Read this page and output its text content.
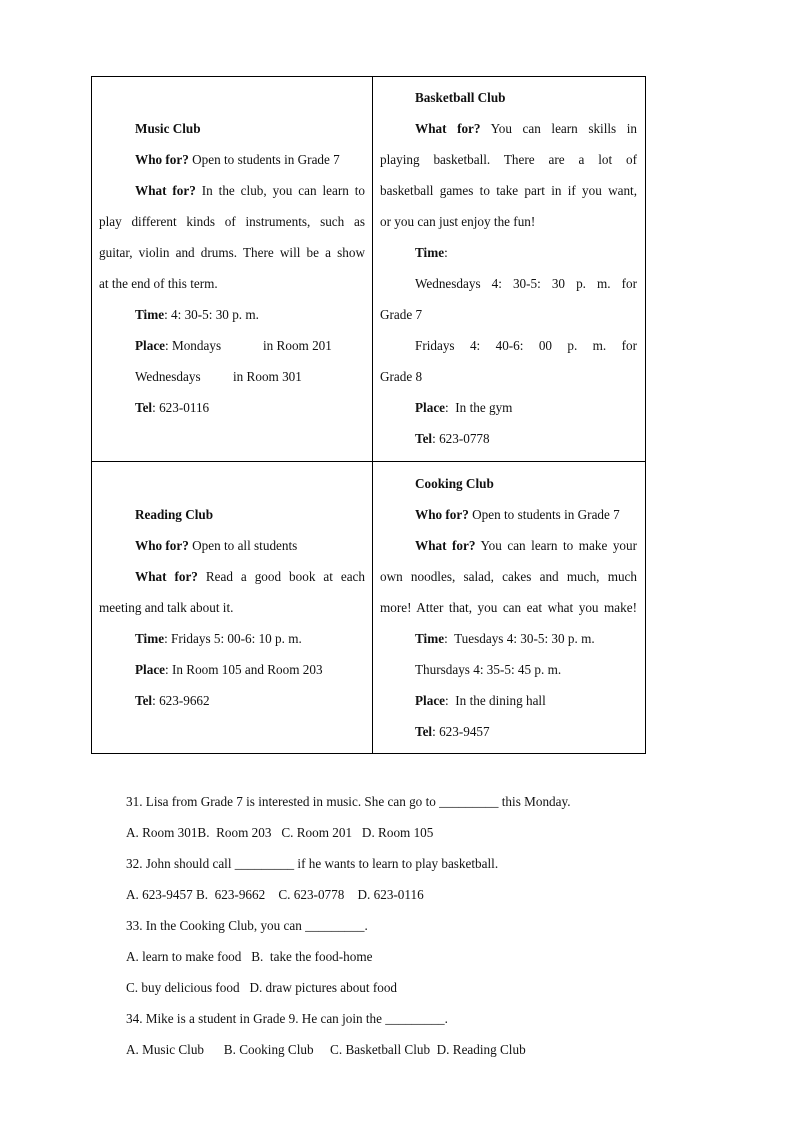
Music Club
Who for? Open to students in Grade 7
What for? In the club, you can learn to
play different kinds of instruments, such as
guitar, violin and drums. There will be a show
at the end of this term.
Time: 4: 30-5: 30 p. m.
Place: Mondays	in Room 201
Wednesdays in Room 301
Tel: 623-0116
Basketball Club
What for? You can learn skills in
playing basketball. There are a lot of
basketball games to take part in if you want,
or you can just enjoy the fun!
Time:
Wednesdays 4: 30-5: 30 p. m. for
Grade 7
Fridays 4: 40-6: 00 p. m. for
Grade 8
Place:  In the gym
Tel: 623-0778
Reading Club
Who for? Open to all students
What for? Read a good book at each
meeting and talk about it.
Time: Fridays 5: 00-6: 10 p. m.
Place: In Room 105 and Room 203
Tel: 623-9662
Cooking Club
Who for? Open to students in Grade 7
What for? You can learn to make your
own noodles, salad, cakes and much, much
more! Atter that, you can eat what you make!
Time:  Tuesdays 4: 30-5: 30 p. m.
Thursdays 4: 35-5: 45 p. m.
Place:  In the dining hall
Tel: 623-9457
31. Lisa from Grade 7 is interested in music. She can go to _________ this Monday.
A. Room 301B.  Room 203   C. Room 201   D. Room 105
32. John should call _________ if he wants to learn to play basketball.
A. 623-9457 B.  623-9662    C. 623-0778    D. 623-0116
33. In the Cooking Club, you can _________.
A. learn to make food   B.  take the food-home
C. buy delicious food   D. draw pictures about food
34. Mike is a student in Grade 9. He can join the _________.
A. Music Club      B. Cooking Club     C. Basketball Club  D. Reading Club
